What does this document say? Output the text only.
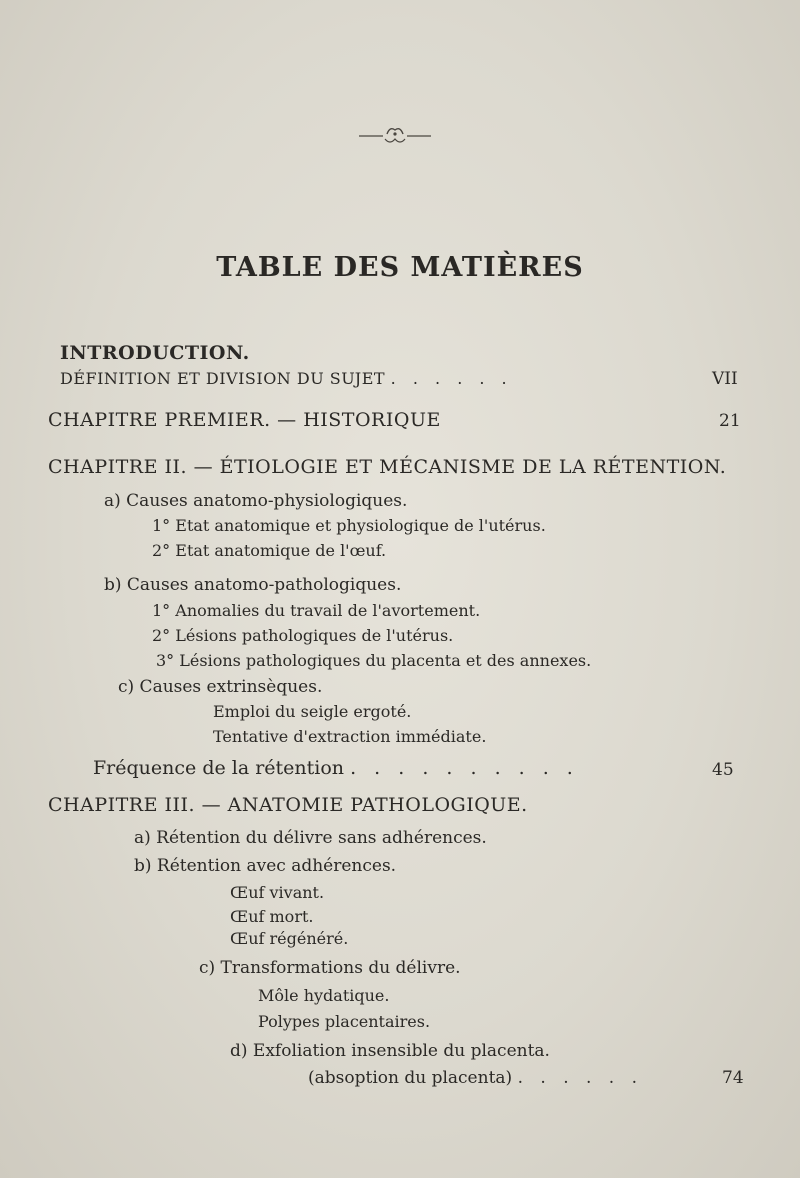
TABLE DES MATIÈRES
INTRODUCTION.
DÉFINITION ET DIVISION DU SUJET . . . . . .	VII
CHAPITRE PREMIER. — HISTORIQUE	21
CHAPITRE II. — ÉTIOLOGIE ET MÉCANISME DE LA RÉTENTION.
a) Causes anatomo-physiologiques.
1° Etat anatomique et physiologique de l'utérus.
2° Etat anatomique de l'œuf.
b) Causes anatomo-pathologiques.
1° Anomalies du travail de l'avortement.
2° Lésions pathologiques de l'utérus.
3° Lésions pathologiques du placenta et des annexes.
c) Causes extrinsèques.
Emploi du seigle ergoté.
Tentative d'extraction immédiate.
Fréquence de la rétention . . . . . . . . . .	45
CHAPITRE III. — ANATOMIE PATHOLOGIQUE.
a) Rétention du délivre sans adhérences.
b) Rétention avec adhérences.
Œuf vivant.
Œuf mort.
Œuf régénéré.
c) Transformations du délivre.
Môle hydatique.
Polypes placentaires.
d) Exfoliation insensible du placenta.
(absoption du placenta) . . . . . .	74
